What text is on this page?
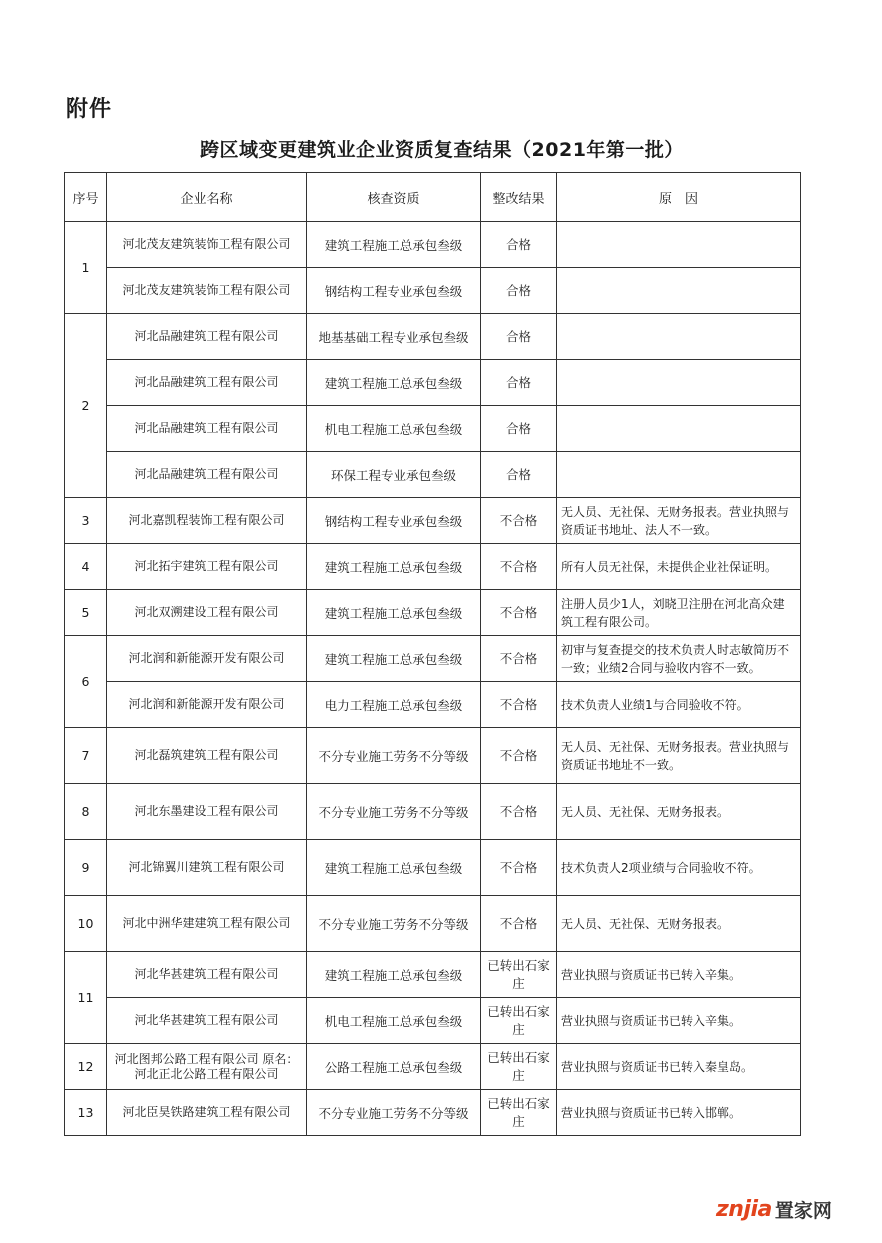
附件
跨区域变更建筑业企业资质复查结果（2021年第一批）
序号	企业名称	核查资质	整改结果	原　因
1	河北茂友建筑装饰工程有限公司	建筑工程施工总承包叁级	合格	
	河北茂友建筑装饰工程有限公司	钢结构工程专业承包叁级	合格	
2	河北品融建筑工程有限公司	地基基础工程专业承包叁级	合格	
	河北品融建筑工程有限公司	建筑工程施工总承包叁级	合格	
	河北品融建筑工程有限公司	机电工程施工总承包叁级	合格	
	河北品融建筑工程有限公司	环保工程专业承包叁级	合格	
3	河北嘉凯程装饰工程有限公司	钢结构工程专业承包叁级	不合格	无人员、无社保、无财务报表。营业执照与资质证书地址、法人不一致。

4	河北拓宇建筑工程有限公司	建筑工程施工总承包叁级	不合格	所有人员无社保，未提供企业社保证明。

5	河北双溯建设工程有限公司	建筑工程施工总承包叁级	不合格	注册人员少1人，刘晓卫注册在河北高众建筑工程有限公司。

6	河北润和新能源开发有限公司	建筑工程施工总承包叁级	不合格	初审与复查提交的技术负责人时志敏简历不一致；业绩2合同与验收内容不一致。

	河北润和新能源开发有限公司	电力工程施工总承包叁级	不合格	技术负责人业绩1与合同验收不符。

7	河北磊筑建筑工程有限公司	不分专业施工劳务不分等级	不合格	无人员、无社保、无财务报表。营业执照与资质证书地址不一致。

8	河北东墨建设工程有限公司	不分专业施工劳务不分等级	不合格	无人员、无社保、无财务报表。

9	河北锦翼川建筑工程有限公司	建筑工程施工总承包叁级	不合格	技术负责人2项业绩与合同验收不符。

10	河北中洲华建建筑工程有限公司	不分专业施工劳务不分等级	不合格	无人员、无社保、无财务报表。

11	河北华甚建筑工程有限公司	建筑工程施工总承包叁级	已转出石家庄	营业执照与资质证书已转入辛集。

	河北华甚建筑工程有限公司	机电工程施工总承包叁级	已转出石家庄	营业执照与资质证书已转入辛集。

12	河北图邦公路工程有限公司 原名：河北正北公路工程有限公司	公路工程施工总承包叁级	已转出石家庄	营业执照与资质证书已转入秦皇岛。

13	河北臣昊铁路建筑工程有限公司	不分专业施工劳务不分等级	已转出石家庄	营业执照与资质证书已转入邯郸。
znjia 置家网
